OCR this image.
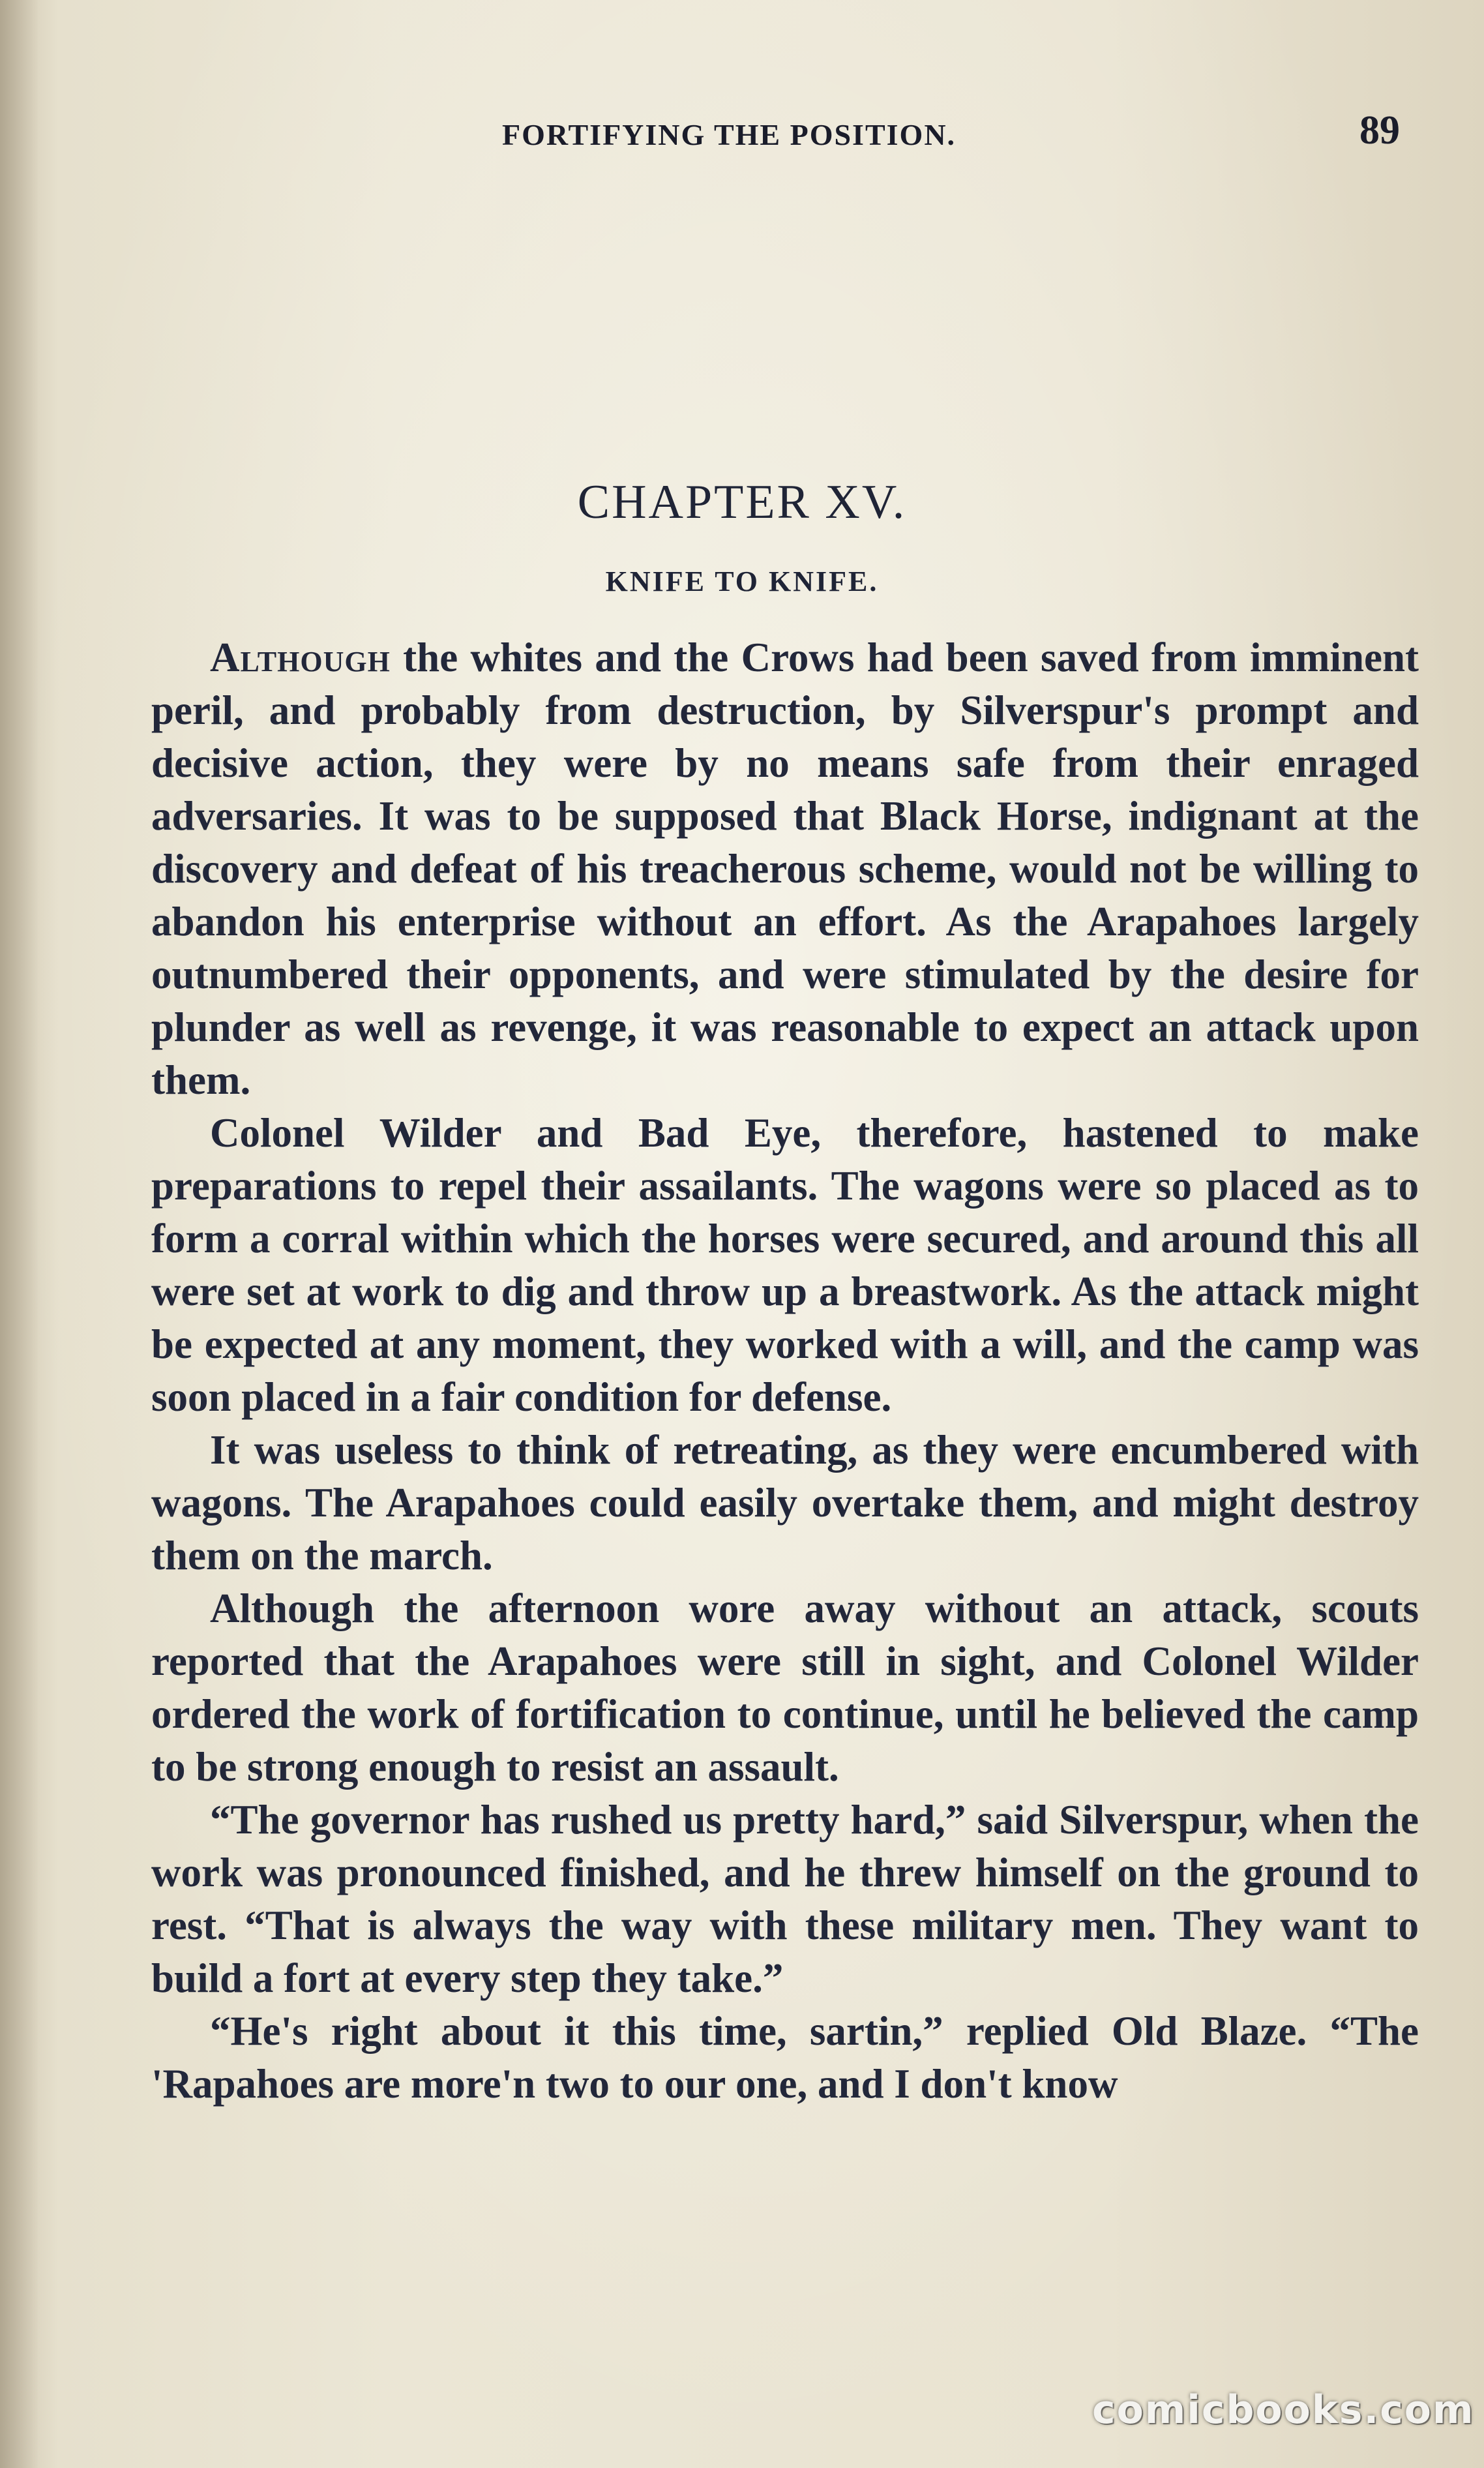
FORTIFYING THE POSITION.	89
CHAPTER XV.
KNIFE TO KNIFE.

Although the whites and the Crows had been saved from imminent peril, and probably from destruction, by Silverspur's prompt and decisive action, they were by no means safe from their enraged adversaries. It was to be supposed that Black Horse, indignant at the discovery and defeat of his treacherous scheme, would not be willing to abandon his enterprise without an effort. As the Arapahoes largely outnumbered their opponents, and were stimulated by the desire for plunder as well as revenge, it was reasonable to expect an attack upon them.

Colonel Wilder and Bad Eye, therefore, hastened to make preparations to repel their assailants. The wagons were so placed as to form a corral within which the horses were secured, and around this all were set at work to dig and throw up a breastwork. As the attack might be expected at any moment, they worked with a will, and the camp was soon placed in a fair condition for defense.

It was useless to think of retreating, as they were encumbered with wagons. The Arapahoes could easily overtake them, and might destroy them on the march.

Although the afternoon wore away without an attack, scouts reported that the Arapahoes were still in sight, and Colonel Wilder ordered the work of fortification to continue, until he believed the camp to be strong enough to resist an assault.

“The governor has rushed us pretty hard,” said Silverspur, when the work was pronounced finished, and he threw himself on the ground to rest. “That is always the way with these military men. They want to build a fort at every step they take.”

“He's right about it this time, sartin,” replied Old Blaze. “The 'Rapahoes are more'n two to our one, and I don't know

comicbooks.com
